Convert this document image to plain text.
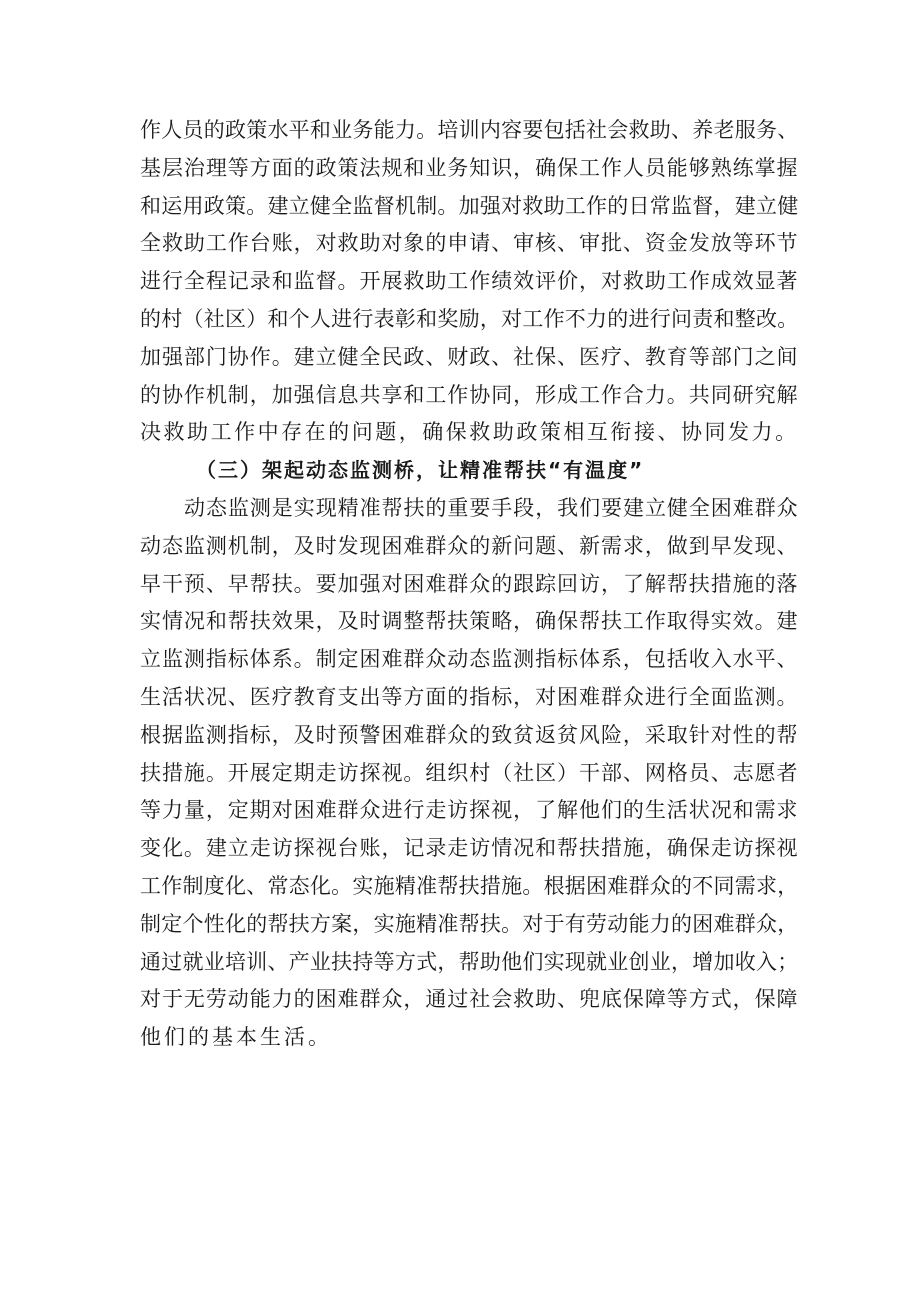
作人员的政策水平和业务能力。培训内容要包括社会救助、养老服务、
基层治理等方面的政策法规和业务知识，确保工作人员能够熟练掌握
和运用政策。建立健全监督机制。加强对救助工作的日常监督，建立健
全救助工作台账，对救助对象的申请、审核、审批、资金发放等环节
进行全程记录和监督。开展救助工作绩效评价，对救助工作成效显著
的村（社区）和个人进行表彰和奖励，对工作不力的进行问责和整改。
加强部门协作。建立健全民政、财政、社保、医疗、教育等部门之间
的协作机制，加强信息共享和工作协同，形成工作合力。共同研究解
决救助工作中存在的问题，确保救助政策相互衔接、协同发力。
（三）架起动态监测桥，让精准帮扶“有温度”
动态监测是实现精准帮扶的重要手段，我们要建立健全困难群众
动态监测机制，及时发现困难群众的新问题、新需求，做到早发现、
早干预、早帮扶。要加强对困难群众的跟踪回访，了解帮扶措施的落
实情况和帮扶效果，及时调整帮扶策略，确保帮扶工作取得实效。建
立监测指标体系。制定困难群众动态监测指标体系，包括收入水平、
生活状况、医疗教育支出等方面的指标，对困难群众进行全面监测。
根据监测指标，及时预警困难群众的致贫返贫风险，采取针对性的帮
扶措施。开展定期走访探视。组织村（社区）干部、网格员、志愿者
等力量，定期对困难群众进行走访探视，了解他们的生活状况和需求
变化。建立走访探视台账，记录走访情况和帮扶措施，确保走访探视
工作制度化、常态化。实施精准帮扶措施。根据困难群众的不同需求，
制定个性化的帮扶方案，实施精准帮扶。对于有劳动能力的困难群众，
通过就业培训、产业扶持等方式，帮助他们实现就业创业，增加收入；
对于无劳动能力的困难群众，通过社会救助、兜底保障等方式，保障
他们的基本生活。
